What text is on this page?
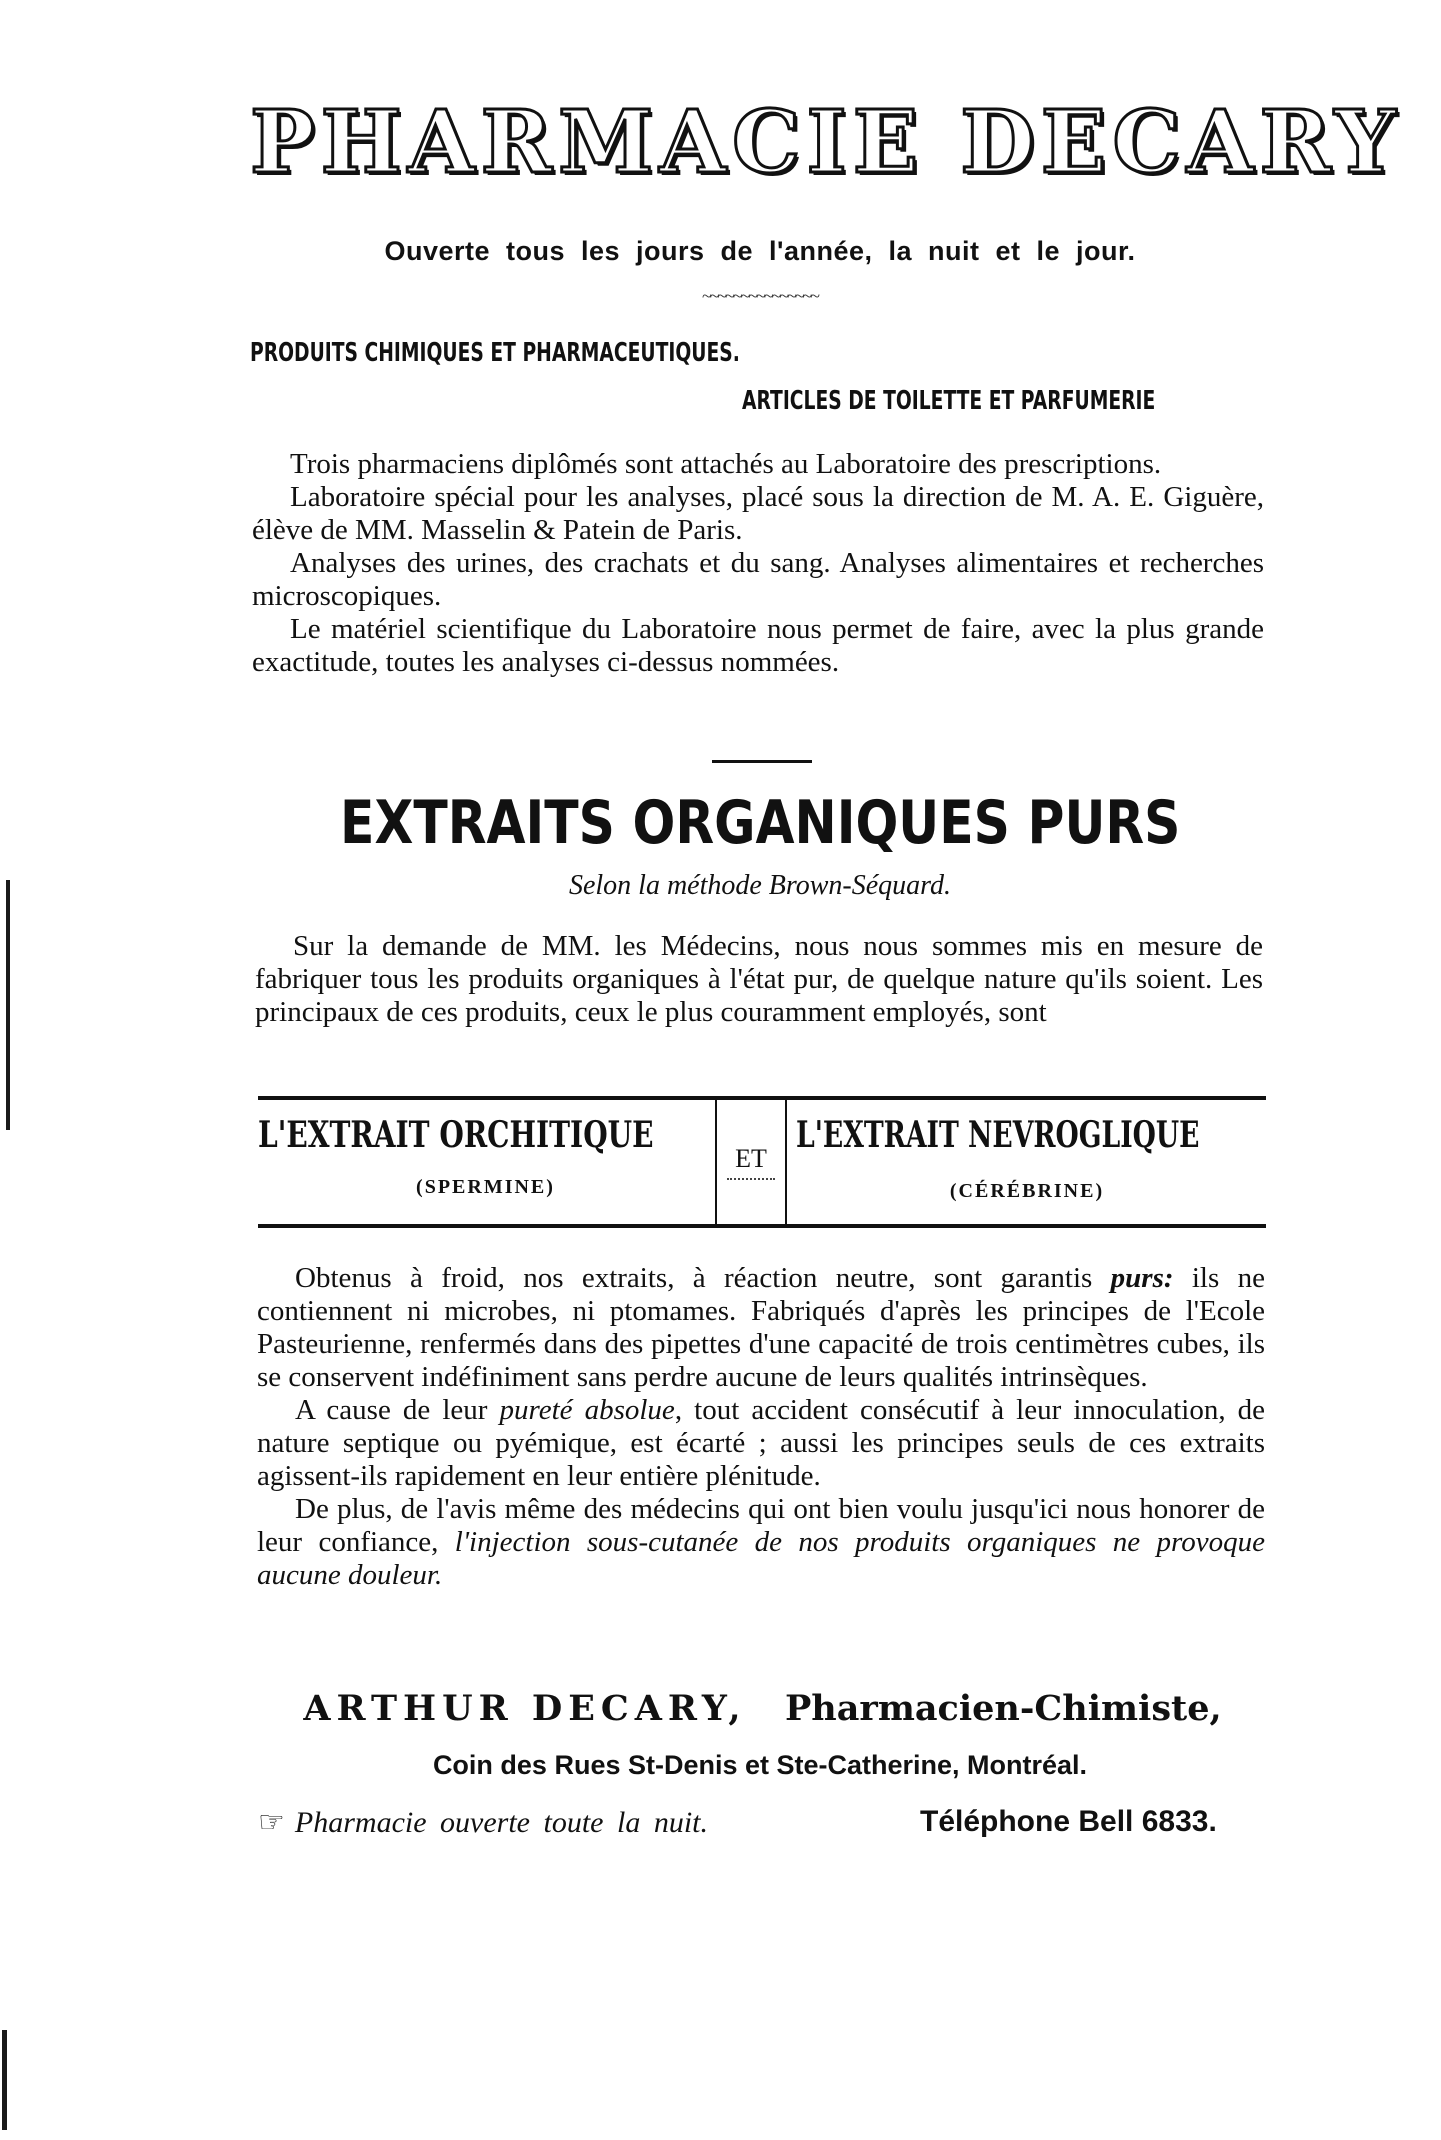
PHARMACIE DECARY
Ouverte tous les jours de l'année, la nuit et le jour.
~~~~~~~~~~~~~~~
PRODUITS CHIMIQUES ET PHARMACEUTIQUES.
ARTICLES DE TOILETTE ET PARFUMERIE

Trois pharmaciens diplômés sont attachés au Laboratoire des prescriptions.

Laboratoire spécial pour les analyses, placé sous la direction de M. A. E. Giguère, élève de MM. Masselin & Patein de Paris.

Analyses des urines, des crachats et du sang. Analyses alimentaires et recherches microscopiques.

Le matériel scientifique du Laboratoire nous permet de faire, avec la plus grande exactitude, toutes les analyses ci-dessus nommées.

EXTRAITS ORGANIQUES PURS
Selon la méthode Brown-Séquard.

Sur la demande de MM. les Médecins, nous nous sommes mis en mesure de fabriquer tous les produits organiques à l'état pur, de quelque nature qu'ils soient. Les principaux de ces produits, ceux le plus couramment employés, sont

L'EXTRAIT ORCHITIQUE
(SPERMINE)
ET
L'EXTRAIT NEVROGLIQUE
(CÉRÉBRINE)

Obtenus à froid, nos extraits, à réaction neutre, sont garantis purs: ils ne contiennent ni microbes, ni ptomames. Fabriqués d'après les principes de l'Ecole Pasteurienne, renfermés dans des pipettes d'une capacité de trois centimètres cubes, ils se conservent indéfiniment sans perdre aucune de leurs qualités intrinsèques.

A cause de leur pureté absolue, tout accident consécutif à leur innoculation, de nature septique ou pyémique, est écarté ; aussi les principes seuls de ces extraits agissent-ils rapidement en leur entière plénitude.

De plus, de l'avis même des médecins qui ont bien voulu jusqu'ici nous honorer de leur confiance, l'injection sous-cutanée de nos produits organiques ne provoque aucune douleur.

ARTHUR DECARY, Pharmacien-Chimiste,
Coin des Rues St-Denis et Ste-Catherine, Montréal.
☞ Pharmacie ouverte toute la nuit.	Téléphone Bell 6833.
